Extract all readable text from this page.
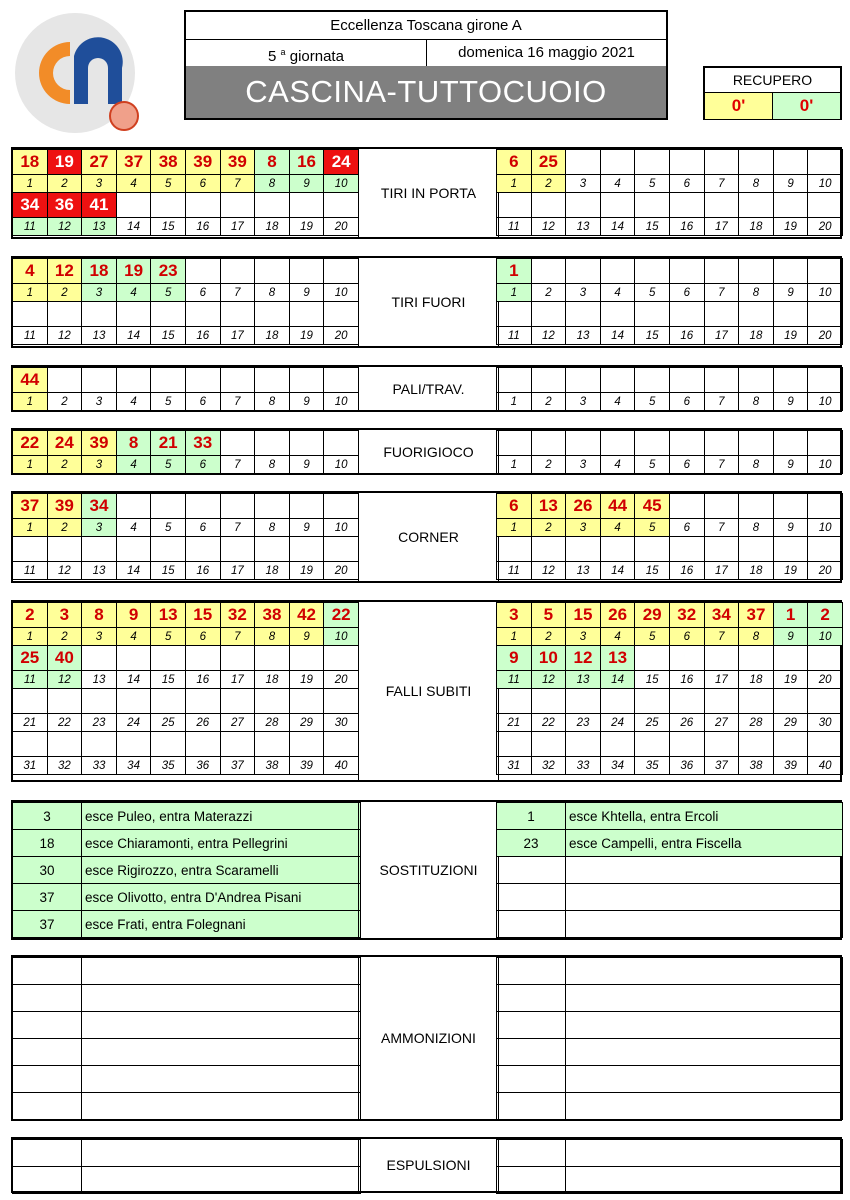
Eccellenza Toscana girone A
5 $^a$ giornata	domenica 16 maggio 2021
CASCINA-TUTTOCUOIO	RECUPERO
0'	0'
18	19	27	37	38	39	39	8	16	24
1	2	3	4	5	6	7	8	9	10
34	36	41							
11	12	13	14	15	16	17	18	19	20
TIRI IN PORTA
6	25								
1	2	3	4	5	6	7	8	9	10

11	12	13	14	15	16	17	18	19	20
4	12	18	19	23					
1	2	3	4	5	6	7	8	9	10

11	12	13	14	15	16	17	18	19	20
TIRI FUORI
1									
1	2	3	4	5	6	7	8	9	10

11	12	13	14	15	16	17	18	19	20
44									
1	2	3	4	5	6	7	8	9	10
PALI/TRAV.

1	2	3	4	5	6	7	8	9	10
22	24	39	8	21	33				
1	2	3	4	5	6	7	8	9	10
FUORIGIOCO

1	2	3	4	5	6	7	8	9	10
37	39	34							
1	2	3	4	5	6	7	8	9	10

11	12	13	14	15	16	17	18	19	20
CORNER
6	13	26	44	45					
1	2	3	4	5	6	7	8	9	10

11	12	13	14	15	16	17	18	19	20
2	3	8	9	13	15	32	38	42	22
1	2	3	4	5	6	7	8	9	10
25	40								
11	12	13	14	15	16	17	18	19	20

21	22	23	24	25	26	27	28	29	30

31	32	33	34	35	36	37	38	39	40
FALLI SUBITI
3	5	15	26	29	32	34	37	1	2
1	2	3	4	5	6	7	8	9	10
9	10	12	13						
11	12	13	14	15	16	17	18	19	20

21	22	23	24	25	26	27	28	29	30

31	32	33	34	35	36	37	38	39	40
3	esce Puleo, entra Materazzi
18	esce Chiaramonti, entra Pellegrini
30	esce Rigirozzo, entra Scaramelli
37	esce Olivotto, entra D'Andrea Pisani
37	esce Frati, entra Folegnani
SOSTITUZIONI
1	esce Khtella, entra Ercoli
23	esce Campelli, entra Fiscella

AMMONIZIONI

ESPULSIONI
